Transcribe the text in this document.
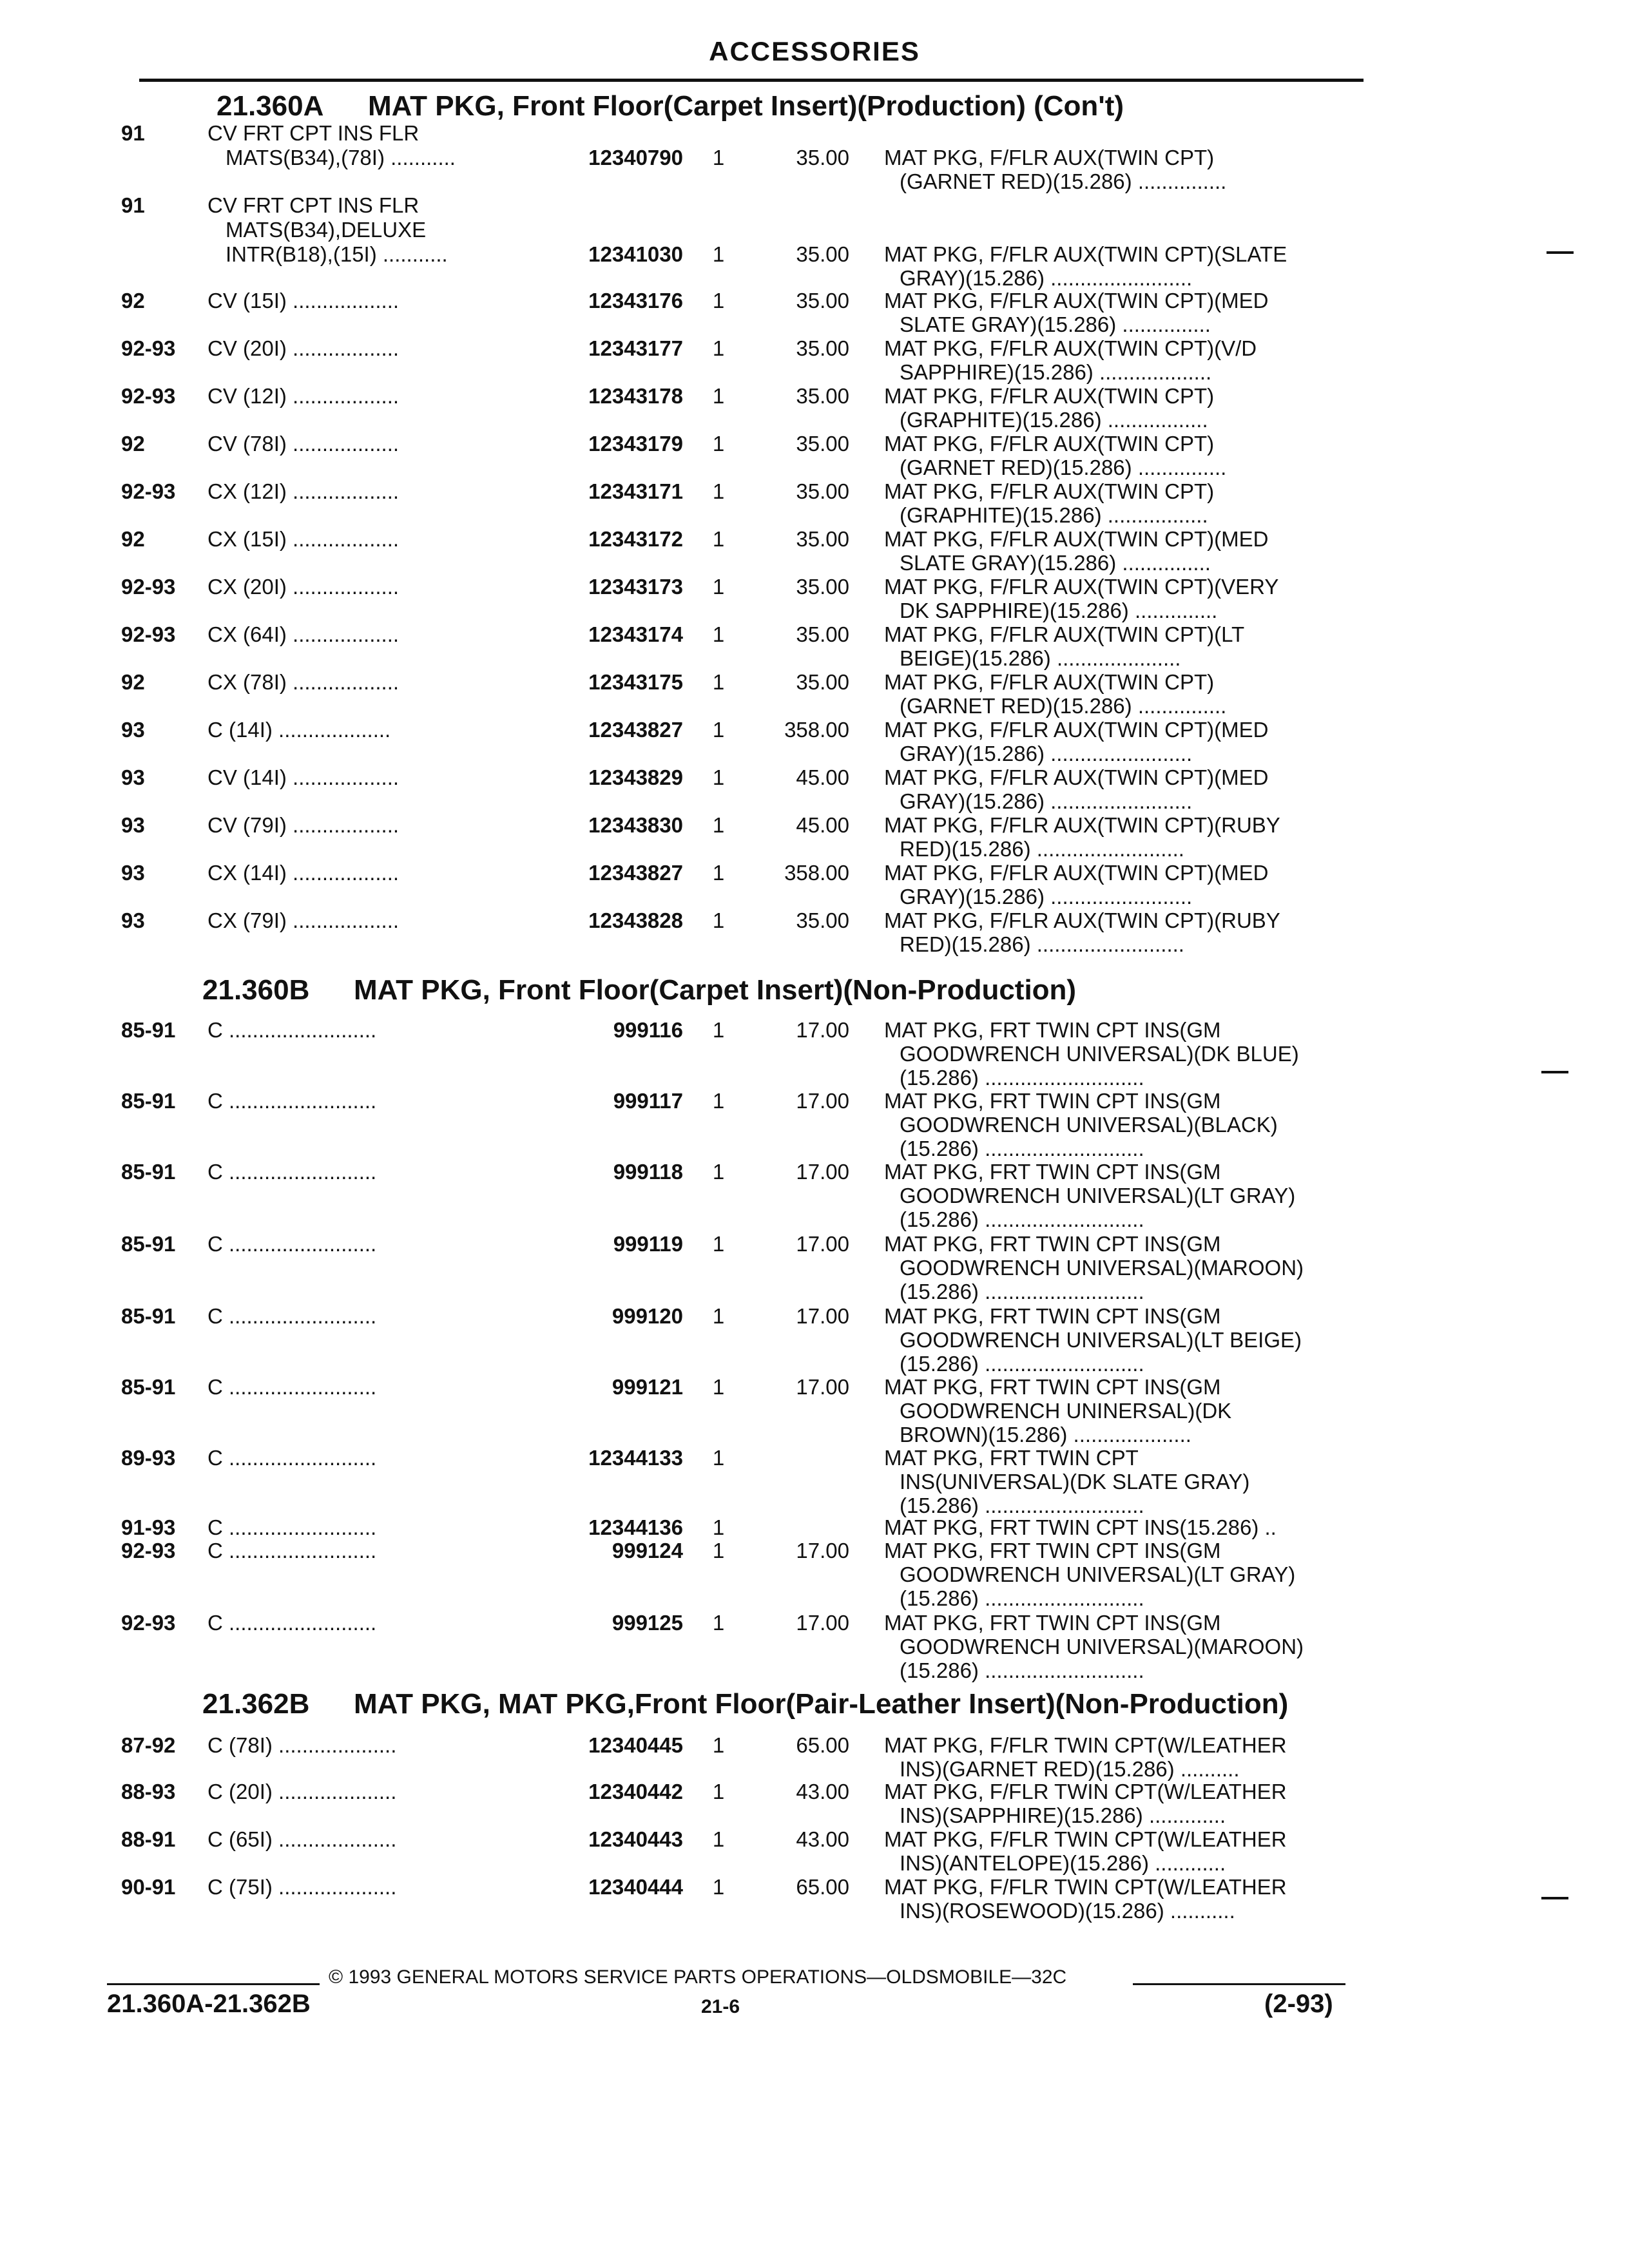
ACCESSORIES
21.360A MAT PKG, Front Floor(Carpet Insert)(Production) (Con't)
91	CV FRT CPT INS FLR
MATS(B34),(78I) ...........	12340790 1	35.00 MAT PKG, F/FLR AUX(TWIN CPT)
(GARNET RED)(15.286) ...............
91	CV FRT CPT INS FLR
MATS(B34),DELUXE
INTR(B18),(15I) ...........	12341030 1	35.00 MAT PKG, F/FLR AUX(TWIN CPT)(SLATE
GRAY)(15.286) ........................
92	CV (15I) ..................	12343176 1	35.00 MAT PKG, F/FLR AUX(TWIN CPT)(MED
SLATE GRAY)(15.286) ...............
92-93 CV (20I) ..................	12343177 1	35.00 MAT PKG, F/FLR AUX(TWIN CPT)(V/D
SAPPHIRE)(15.286) ...................
92-93 CV (12I) ..................	12343178 1	35.00 MAT PKG, F/FLR AUX(TWIN CPT)
(GRAPHITE)(15.286) .................
92	CV (78I) ..................	12343179 1	35.00 MAT PKG, F/FLR AUX(TWIN CPT)
(GARNET RED)(15.286) ...............
92-93 CX (12I) ..................	12343171 1	35.00 MAT PKG, F/FLR AUX(TWIN CPT)
(GRAPHITE)(15.286) .................
92	CX (15I) ..................	12343172 1	35.00 MAT PKG, F/FLR AUX(TWIN CPT)(MED
SLATE GRAY)(15.286) ...............
92-93 CX (20I) ..................	12343173 1	35.00 MAT PKG, F/FLR AUX(TWIN CPT)(VERY
DK SAPPHIRE)(15.286) ..............
92-93 CX (64I) ..................	12343174 1	35.00 MAT PKG, F/FLR AUX(TWIN CPT)(LT
BEIGE)(15.286) .....................
92	CX (78I) ..................	12343175 1	35.00 MAT PKG, F/FLR AUX(TWIN CPT)
(GARNET RED)(15.286) ...............
93	C (14I) ...................	12343827 1	358.00 MAT PKG, F/FLR AUX(TWIN CPT)(MED
GRAY)(15.286) ........................
93	CV (14I) ..................	12343829 1	45.00 MAT PKG, F/FLR AUX(TWIN CPT)(MED
GRAY)(15.286) ........................
93	CV (79I) ..................	12343830 1	45.00 MAT PKG, F/FLR AUX(TWIN CPT)(RUBY
RED)(15.286) .........................
93	CX (14I) ..................	12343827 1	358.00 MAT PKG, F/FLR AUX(TWIN CPT)(MED
GRAY)(15.286) ........................
93	CX (79I) ..................	12343828 1	35.00 MAT PKG, F/FLR AUX(TWIN CPT)(RUBY
RED)(15.286) .........................
21.360B MAT PKG, Front Floor(Carpet Insert)(Non-Production)
85-91 C .........................	999116 1	17.00 MAT PKG, FRT TWIN CPT INS(GM
GOODWRENCH UNIVERSAL)(DK BLUE)
(15.286) ...........................
85-91 C .........................	999117 1	17.00 MAT PKG, FRT TWIN CPT INS(GM
GOODWRENCH UNIVERSAL)(BLACK)
(15.286) ...........................
85-91 C .........................	999118 1	17.00 MAT PKG, FRT TWIN CPT INS(GM
GOODWRENCH UNIVERSAL)(LT GRAY)
(15.286) ...........................
85-91 C .........................	999119 1	17.00 MAT PKG, FRT TWIN CPT INS(GM
GOODWRENCH UNIVERSAL)(MAROON)
(15.286) ...........................
85-91 C .........................	999120 1	17.00 MAT PKG, FRT TWIN CPT INS(GM
GOODWRENCH UNIVERSAL)(LT BEIGE)
(15.286) ...........................
85-91 C .........................	999121 1	17.00 MAT PKG, FRT TWIN CPT INS(GM
GOODWRENCH UNINERSAL)(DK
BROWN)(15.286) ....................
89-93 C .........................	12344133 1	MAT PKG, FRT TWIN CPT
INS(UNIVERSAL)(DK SLATE GRAY)
(15.286) ...........................
91-93 C .........................	12344136 1	MAT PKG, FRT TWIN CPT INS(15.286) ..
92-93 C .........................	999124 1	17.00 MAT PKG, FRT TWIN CPT INS(GM
GOODWRENCH UNIVERSAL)(LT GRAY)
(15.286) ...........................
92-93 C .........................	999125 1	17.00 MAT PKG, FRT TWIN CPT INS(GM
GOODWRENCH UNIVERSAL)(MAROON)
(15.286) ...........................
21.362B MAT PKG, MAT PKG,Front Floor(Pair-Leather Insert)(Non-Production)
87-92 C (78I) ....................	12340445 1	65.00 MAT PKG, F/FLR TWIN CPT(W/LEATHER
INS)(GARNET RED)(15.286) ..........
88-93 C (20I) ....................	12340442 1	43.00 MAT PKG, F/FLR TWIN CPT(W/LEATHER
INS)(SAPPHIRE)(15.286) .............
88-91 C (65I) ....................	12340443 1	43.00 MAT PKG, F/FLR TWIN CPT(W/LEATHER
INS)(ANTELOPE)(15.286) ............
90-91 C (75I) ....................	12340444 1	65.00 MAT PKG, F/FLR TWIN CPT(W/LEATHER
INS)(ROSEWOOD)(15.286) ...........
© 1993 GENERAL MOTORS SERVICE PARTS OPERATIONS—OLDSMOBILE—32C
21.360A-21.362B	21-6	(2-93)
